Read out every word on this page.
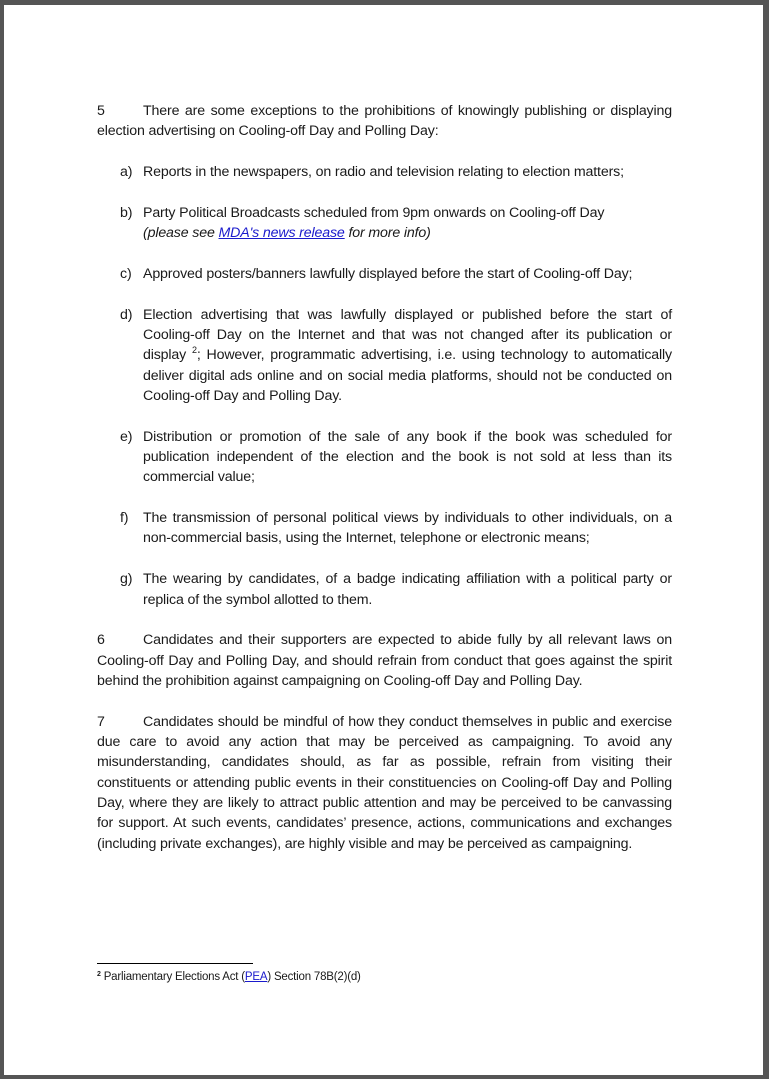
5	There are some exceptions to the prohibitions of knowingly publishing or displaying election advertising on Cooling-off Day and Polling Day:

a) Reports in the newspapers, on radio and television relating to election matters;
b) Party Political Broadcasts scheduled from 9pm onwards on Cooling-off Day
(please see MDA's news release for more info)
c) Approved posters/banners lawfully displayed before the start of Cooling-off Day;
d) Election advertising that was lawfully displayed or published before the start of Cooling-off Day on the Internet and that was not changed after its publication or display $^2$; However, programmatic advertising, i.e. using technology to automatically deliver digital ads online and on social media platforms, should not be conducted on Cooling-off Day and Polling Day.
e) Distribution or promotion of the sale of any book if the book was scheduled for publication independent of the election and the book is not sold at less than its commercial value;
f) The transmission of personal political views by individuals to other individuals, on a non-commercial basis, using the Internet, telephone or electronic means;
g) The wearing by candidates, of a badge indicating affiliation with a political party or replica of the symbol allotted to them.

6	Candidates and their supporters are expected to abide fully by all relevant laws on Cooling-off Day and Polling Day, and should refrain from conduct that goes against the spirit behind the prohibition against campaigning on Cooling-off Day and Polling Day.

7	Candidates should be mindful of how they conduct themselves in public and exercise due care to avoid any action that may be perceived as campaigning. To avoid any misunderstanding, candidates should, as far as possible, refrain from visiting their constituents or attending public events in their constituencies on Cooling-off Day and Polling Day, where they are likely to attract public attention and may be perceived to be canvassing for support. At such events, candidates’ presence, actions, communications and exchanges (including private exchanges), are highly visible and may be perceived as campaigning.

$^2$ Parliamentary Elections Act (PEA) Section 78B(2)(d)
